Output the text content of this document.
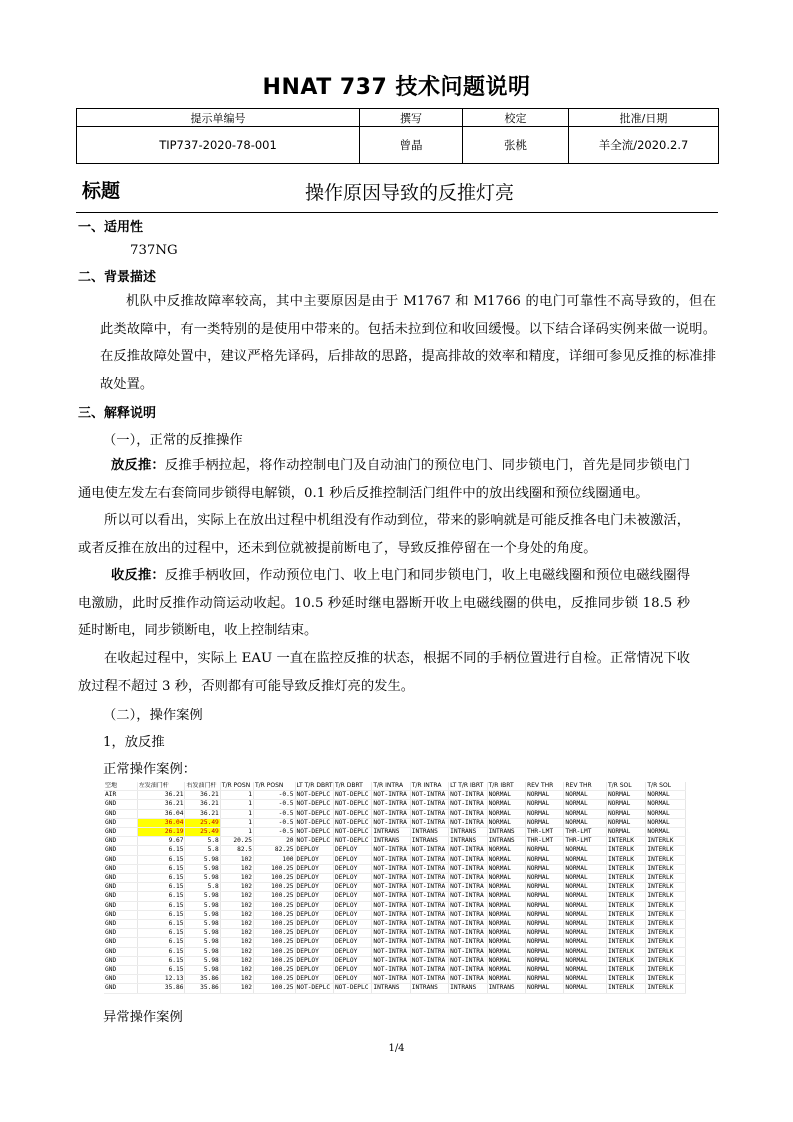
HNAT 737 技术问题说明
提示单编号	撰写	校定	批准/日期
TIP737-2020-78-001	曾晶	张桃	羊全流/2020.2.7
标题	操作原因导致的反推灯亮
一、适用性
737NG
二、背景描述
机队中反推故障率较高，其中主要原因是由于 M1767 和 M1766 的电门可靠性不高导致的，但在此类故障中，有一类特别的是使用中带来的。包括未拉到位和收回缓慢。以下结合译码实例来做一说明。在反推故障处置中，建议严格先译码，后排故的思路，提高排故的效率和精度，详细可参见反推的标准排故处置。
三、解释说明
（一），正常的反推操作
放反推：反推手柄拉起，将作动控制电门及自动油门的预位电门、同步锁电门，首先是同步锁电门通电使左发左右套筒同步锁得电解锁，0.1 秒后反推控制活门组件中的放出线圈和预位线圈通电。
所以可以看出，实际上在放出过程中机组没有作动到位，带来的影响就是可能反推各电门未被激活，或者反推在放出的过程中，还未到位就被提前断电了，导致反推停留在一个身处的角度。
收反推：反推手柄收回，作动预位电门、收上电门和同步锁电门，收上电磁线圈和预位电磁线圈得电激励，此时反推作动筒运动收起。10.5 秒延时继电器断开收上电磁线圈的供电，反推同步锁 18.5 秒延时断电，同步锁断电，收上控制结束。
在收起过程中，实际上 EAU 一直在监控反推的状态，根据不同的手柄位置进行自检。正常情况下收放过程不超过 3 秒，否则都有可能导致反推灯亮的发生。
（二），操作案例
1，放反推
正常操作案例：
空地	左发油门杆	右发油门杆	T/R POSN	T/R POSN	LT T/R DBRT	T/R DBRT	T/R INTRA	T/R INTRA	LT T/R IBRT	T/R IBRT	REV THR	REV THR	T/R SOL	T/R SOL
AIR	36.21	36.21	1	-0.5	NOT-DEPLC	NOT-DEPLC	NOT-INTRA	NOT-INTRA	NOT-INTRA	NORMAL	NORMAL	NORMAL	NORMAL	NORMAL
GND	36.21	36.21	1	-0.5	NOT-DEPLC	NOT-DEPLC	NOT-INTRA	NOT-INTRA	NOT-INTRA	NORMAL	NORMAL	NORMAL	NORMAL	NORMAL
GND	36.04	36.21	1	-0.5	NOT-DEPLC	NOT-DEPLC	NOT-INTRA	NOT-INTRA	NOT-INTRA	NORMAL	NORMAL	NORMAL	NORMAL	NORMAL
GND	36.04	25.49	1	-0.5	NOT-DEPLC	NOT-DEPLC	NOT-INTRA	NOT-INTRA	NOT-INTRA	NORMAL	NORMAL	NORMAL	NORMAL	NORMAL
GND	26.19	25.49	1	-0.5	NOT-DEPLC	NOT-DEPLC	INTRANS	INTRANS	INTRANS	INTRANS	THR-LMT	THR-LMT	NORMAL	NORMAL
GND	9.67	5.8	20.25	20	NOT-DEPLC	NOT-DEPLC	INTRANS	INTRANS	INTRANS	INTRANS	THR-LMT	THR-LMT	INTERLK	INTERLK
GND	6.15	5.8	82.5	82.25	DEPLOY	DEPLOY	NOT-INTRA	NOT-INTRA	NOT-INTRA	NORMAL	NORMAL	NORMAL	INTERLK	INTERLK
GND	6.15	5.98	102	100	DEPLOY	DEPLOY	NOT-INTRA	NOT-INTRA	NOT-INTRA	NORMAL	NORMAL	NORMAL	INTERLK	INTERLK
GND	6.15	5.98	102	100.25	DEPLOY	DEPLOY	NOT-INTRA	NOT-INTRA	NOT-INTRA	NORMAL	NORMAL	NORMAL	INTERLK	INTERLK
GND	6.15	5.98	102	100.25	DEPLOY	DEPLOY	NOT-INTRA	NOT-INTRA	NOT-INTRA	NORMAL	NORMAL	NORMAL	INTERLK	INTERLK
GND	6.15	5.8	102	100.25	DEPLOY	DEPLOY	NOT-INTRA	NOT-INTRA	NOT-INTRA	NORMAL	NORMAL	NORMAL	INTERLK	INTERLK
GND	6.15	5.98	102	100.25	DEPLOY	DEPLOY	NOT-INTRA	NOT-INTRA	NOT-INTRA	NORMAL	NORMAL	NORMAL	INTERLK	INTERLK
GND	6.15	5.98	102	100.25	DEPLOY	DEPLOY	NOT-INTRA	NOT-INTRA	NOT-INTRA	NORMAL	NORMAL	NORMAL	INTERLK	INTERLK
GND	6.15	5.98	102	100.25	DEPLOY	DEPLOY	NOT-INTRA	NOT-INTRA	NOT-INTRA	NORMAL	NORMAL	NORMAL	INTERLK	INTERLK
GND	6.15	5.98	102	100.25	DEPLOY	DEPLOY	NOT-INTRA	NOT-INTRA	NOT-INTRA	NORMAL	NORMAL	NORMAL	INTERLK	INTERLK
GND	6.15	5.98	102	100.25	DEPLOY	DEPLOY	NOT-INTRA	NOT-INTRA	NOT-INTRA	NORMAL	NORMAL	NORMAL	INTERLK	INTERLK
GND	6.15	5.98	102	100.25	DEPLOY	DEPLOY	NOT-INTRA	NOT-INTRA	NOT-INTRA	NORMAL	NORMAL	NORMAL	INTERLK	INTERLK
GND	6.15	5.98	102	100.25	DEPLOY	DEPLOY	NOT-INTRA	NOT-INTRA	NOT-INTRA	NORMAL	NORMAL	NORMAL	INTERLK	INTERLK
GND	6.15	5.98	102	100.25	DEPLOY	DEPLOY	NOT-INTRA	NOT-INTRA	NOT-INTRA	NORMAL	NORMAL	NORMAL	INTERLK	INTERLK
GND	6.15	5.98	102	100.25	DEPLOY	DEPLOY	NOT-INTRA	NOT-INTRA	NOT-INTRA	NORMAL	NORMAL	NORMAL	INTERLK	INTERLK
GND	12.13	35.86	102	100.25	DEPLOY	DEPLOY	NOT-INTRA	NOT-INTRA	NOT-INTRA	NORMAL	NORMAL	NORMAL	INTERLK	INTERLK
GND	35.86	35.86	102	100.25	NOT-DEPLC	NOT-DEPLC	INTRANS	INTRANS	INTRANS	INTRANS	NORMAL	NORMAL	INTERLK	INTERLK
异常操作案例
1/4
